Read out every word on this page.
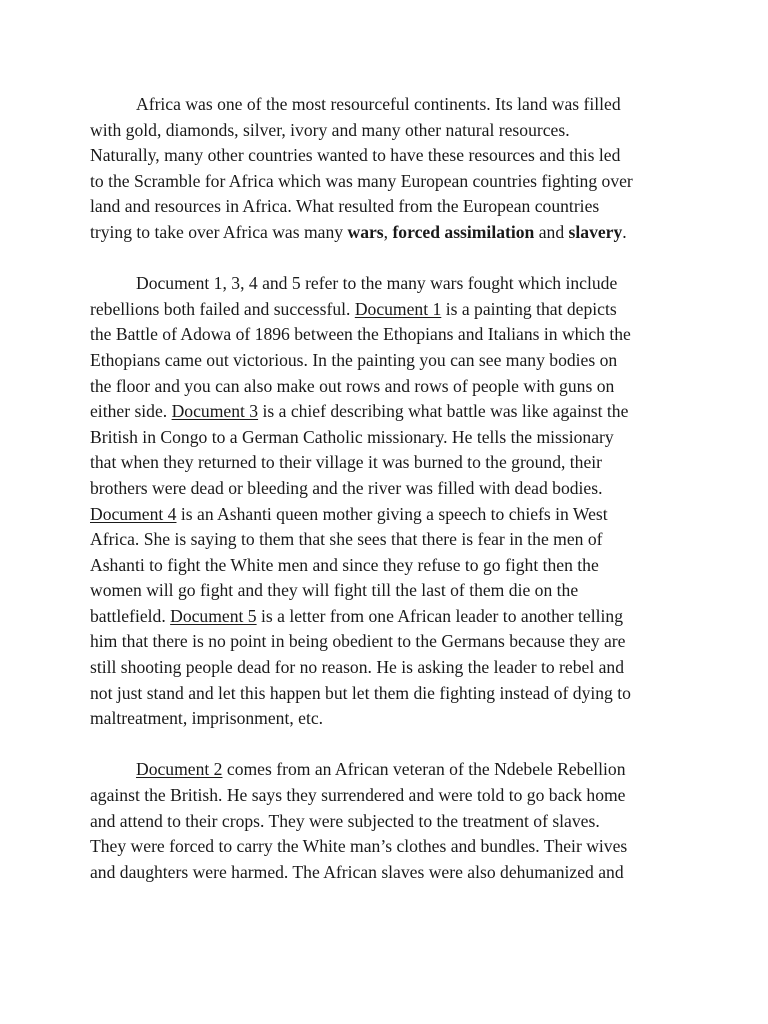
Africa was one of the most resourceful continents. Its land was filled
with gold, diamonds, silver, ivory and many other natural resources.
Naturally, many other countries wanted to have these resources and this led
to the Scramble for Africa which was many European countries fighting over
land and resources in Africa. What resulted from the European countries
trying to take over Africa was many wars, forced assimilation and slavery.
Document 1, 3, 4 and 5 refer to the many wars fought which include
rebellions both failed and successful. Document 1 is a painting that depicts
the Battle of Adowa of 1896 between the Ethopians and Italians in which the
Ethopians came out victorious. In the painting you can see many bodies on
the floor and you can also make out rows and rows of people with guns on
either side. Document 3 is a chief describing what battle was like against the
British in Congo to a German Catholic missionary. He tells the missionary
that when they returned to their village it was burned to the ground, their
brothers were dead or bleeding and the river was filled with dead bodies.
Document 4 is an Ashanti queen mother giving a speech to chiefs in West
Africa. She is saying to them that she sees that there is fear in the men of
Ashanti to fight the White men and since they refuse to go fight then the
women will go fight and they will fight till the last of them die on the
battlefield. Document 5 is a letter from one African leader to another telling
him that there is no point in being obedient to the Germans because they are
still shooting people dead for no reason. He is asking the leader to rebel and
not just stand and let this happen but let them die fighting instead of dying to
maltreatment, imprisonment, etc.
Document 2 comes from an African veteran of the Ndebele Rebellion
against the British. He says they surrendered and were told to go back home
and attend to their crops. They were subjected to the treatment of slaves.
They were forced to carry the White man’s clothes and bundles. Their wives
and daughters were harmed. The African slaves were also dehumanized and
